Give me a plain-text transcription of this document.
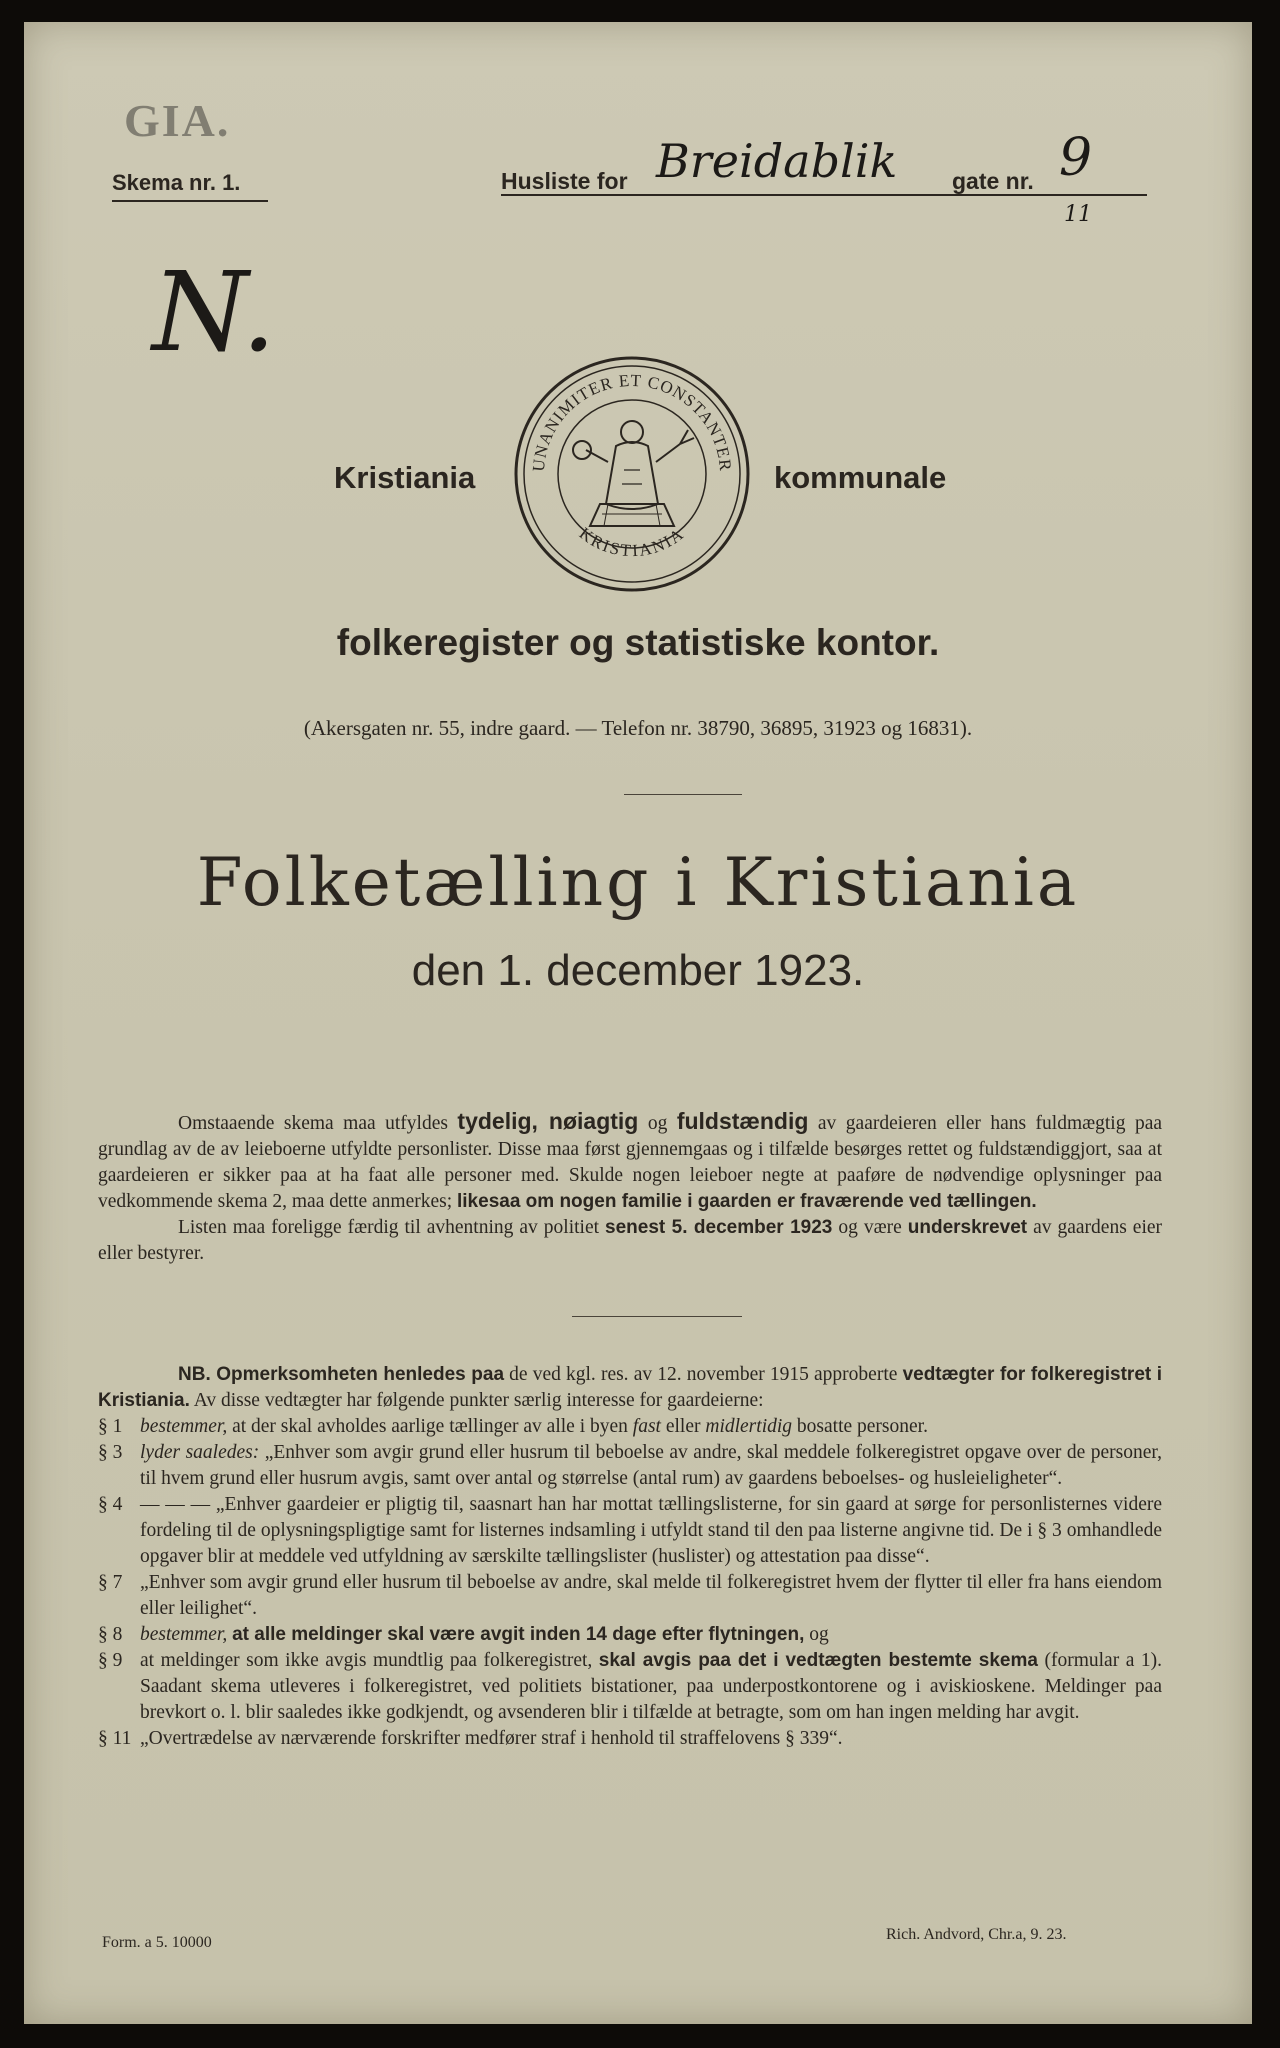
GIA.
Skema nr. 1.	Husliste for Breidablik gate nr. 9
11
N.
UNANIMITER ET CONSTANTER
KRISTIANIA
Kristiania	kommunale
folkeregister og statistiske kontor.
(Akersgaten nr. 55, indre gaard. — Telefon nr. 38790, 36895, 31923 og 16831).
Folketælling i Kristiania
den 1. december 1923.
Omstaaende skema maa utfyldes tydelig, nøiagtig og fuldstændig av gaardeieren eller hans fuldmægtig paa grundlag av de av leieboerne utfyldte personlister. Disse maa først gjennemgaas og i tilfælde besørges rettet og fuldstændiggjort, saa at gaardeieren er sikker paa at ha faat alle personer med. Skulde nogen leieboer negte at paaføre de nødvendige oplysninger paa vedkommende skema 2, maa dette anmerkes; likesaa om nogen familie i gaarden er fraværende ved tællingen.
Listen maa foreligge færdig til avhentning av politiet senest 5. december 1923 og være underskrevet av gaardens eier eller bestyrer.
NB. Opmerksomheten henledes paa de ved kgl. res. av 12. november 1915 approberte vedtægter for folkeregistret i Kristiania. Av disse vedtægter har følgende punkter særlig interesse for gaardeierne:
§ 1 bestemmer, at der skal avholdes aarlige tællinger av alle i byen fast eller midlertidig bosatte personer.
§ 3 lyder saaledes: „Enhver som avgir grund eller husrum til beboelse av andre, skal meddele folkeregistret opgave over de personer, til hvem grund eller husrum avgis, samt over antal og størrelse (antal rum) av gaardens beboelses- og husleieligheter“.
§ 4 — — — „Enhver gaardeier er pligtig til, saasnart han har mottat tællingslisterne, for sin gaard at sørge for personlisternes videre fordeling til de oplysningspligtige samt for listernes indsamling i utfyldt stand til den paa listerne angivne tid. De i § 3 omhandlede opgaver blir at meddele ved utfyldning av særskilte tællingslister (huslister) og attestation paa disse“.
§ 7 „Enhver som avgir grund eller husrum til beboelse av andre, skal melde til folkeregistret hvem der flytter til eller fra hans eiendom eller leilighet“.
§ 8 bestemmer, at alle meldinger skal være avgit inden 14 dage efter flytningen, og
§ 9 at meldinger som ikke avgis mundtlig paa folkeregistret, skal avgis paa det i vedtægten bestemte skema (formular a 1). Saadant skema utleveres i folkeregistret, ved politiets bistationer, paa underpostkontorene og i aviskioskene. Meldinger paa brevkort o. l. blir saaledes ikke godkjendt, og avsenderen blir i tilfælde at betragte, som om han ingen melding har avgit.
§ 11 „Overtrædelse av nærværende forskrifter medfører straf i henhold til straffelovens § 339“.
Form. a 5. 10000	Rich. Andvord, Chr.a, 9. 23.
